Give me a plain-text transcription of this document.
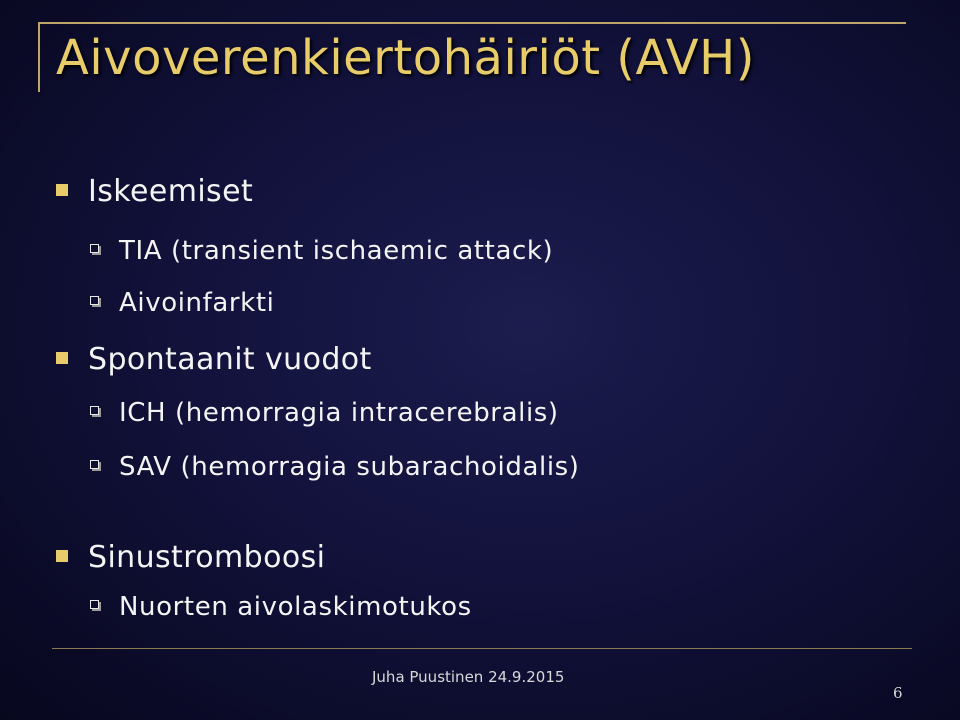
Aivoverenkiertohäiriöt (AVH)
Iskeemiset
TIA (transient ischaemic attack)
Aivoinfarkti
Spontaanit vuodot
ICH (hemorragia intracerebralis)
SAV (hemorragia subarachoidalis)
Sinustromboosi
Nuorten aivolaskimotukos
Juha Puustinen 24.9.2015
6
